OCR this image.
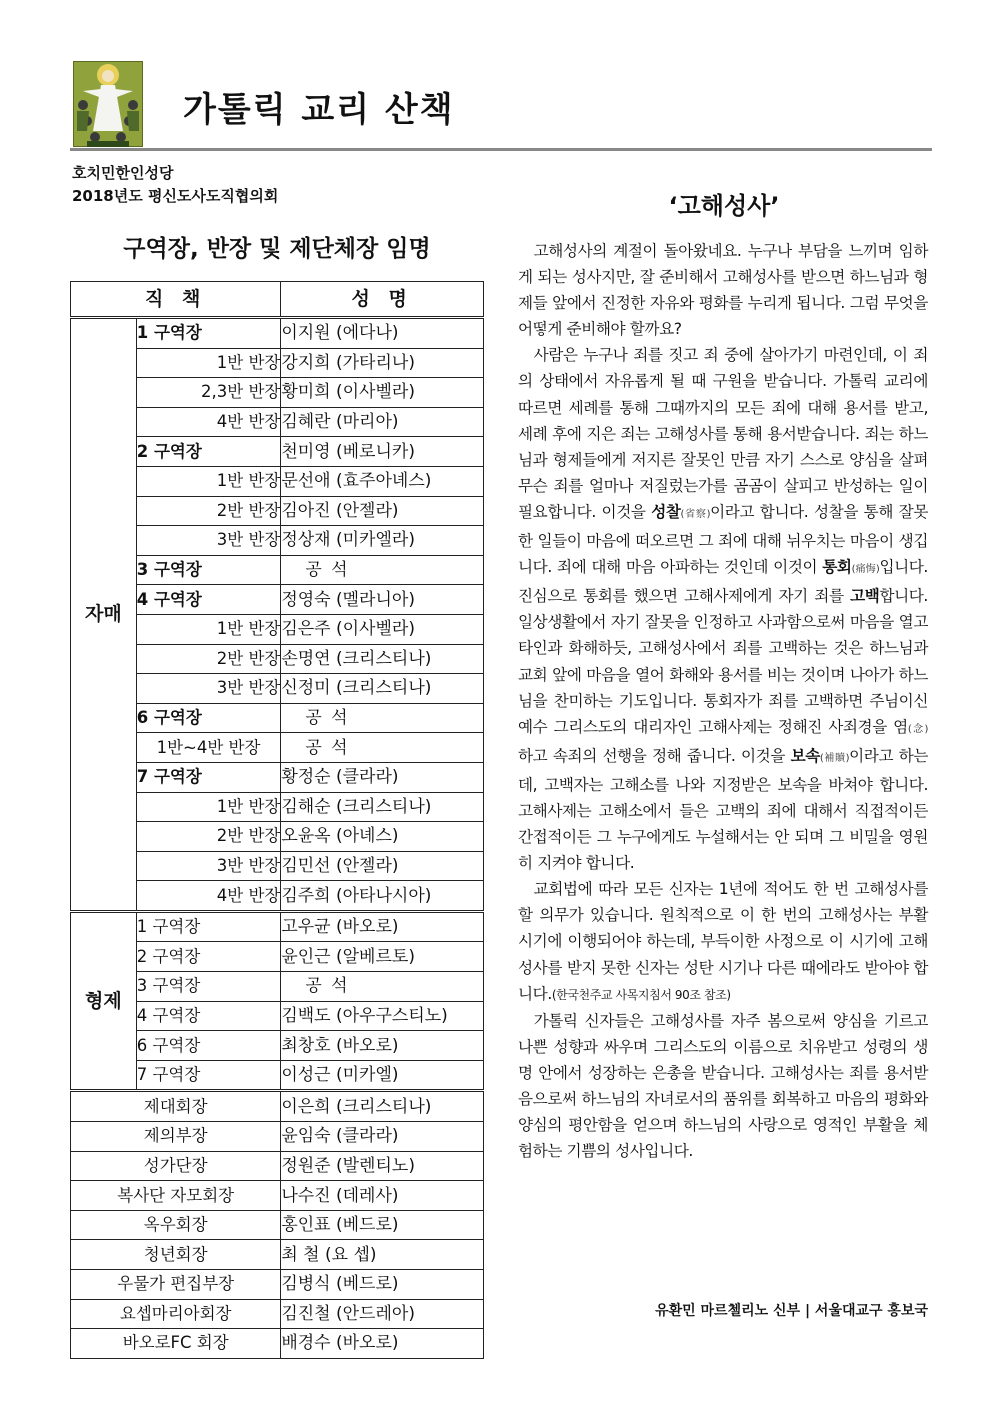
가톨릭 교리 산책
호치민한인성당
2018년도 평신도사도직협의회
구역장, 반장 및 제단체장 임명
직 책		성 명
자매	1 구역장	이지원 (에다나)
	1반 반장	강지희 (가타리나)
	2,3반 반장	황미희 (이사벨라)
	4반 반장	김혜란 (마리아)
	2 구역장	천미영 (베로니카)
	1반 반장	문선애 (효주아녜스)
	2반 반장	김아진 (안젤라)
	3반 반장	정상재 (미카엘라)
	3 구역장	공 석
	4 구역장	정영숙 (멜라니아)
	1반 반장	김은주 (이사벨라)
	2반 반장	손명연 (크리스티나)
	3반 반장	신정미 (크리스티나)
	6 구역장	공 석
	1반~4반 반장	공 석
	7 구역장	황정순 (클라라)
	1반 반장	김해순 (크리스티나)
	2반 반장	오윤옥 (아녜스)
	3반 반장	김민선 (안젤라)
	4반 반장	김주희 (아타나시아)
형제	1 구역장	고우균 (바오로)
	2 구역장	윤인근 (알베르토)
	3 구역장	공 석
	4 구역장	김백도 (아우구스티노)
	6 구역장	최창호 (바오로)
	7 구역장	이성근 (미카엘)
제대회장		이은희 (크리스티나)
제의부장		윤임숙 (클라라)
성가단장		정원준 (발렌티노)
복사단 자모회장		나수진 (데레사)
옥우회장		홍인표 (베드로)
청년회장		최 철 (요 셉)
우물가 편집부장		김병식 (베드로)
요셉마리아회장		김진철 (안드레아)
바오로FC 회장		배경수 (바오로)
‘고해성사’

고해성사의 계절이 돌아왔네요. 누구나 부담을 느끼며 임하게 되는 성사지만, 잘 준비해서 고해성사를 받으면 하느님과 형제들 앞에서 진정한 자유와 평화를 누리게 됩니다. 그럼 무엇을 어떻게 준비해야 할까요?

사람은 누구나 죄를 짓고 죄 중에 살아가기 마련인데, 이 죄의 상태에서 자유롭게 될 때 구원을 받습니다. 가톨릭 교리에 따르면 세례를 통해 그때까지의 모든 죄에 대해 용서를 받고, 세례 후에 지은 죄는 고해성사를 통해 용서받습니다. 죄는 하느님과 형제들에게 저지른 잘못인 만큼 자기 스스로 양심을 살펴 무슨 죄를 얼마나 저질렀는가를 곰곰이 살피고 반성하는 일이 필요합니다. 이것을 성찰(省察)이라고 합니다. 성찰을 통해 잘못한 일들이 마음에 떠오르면 그 죄에 대해 뉘우치는 마음이 생깁니다. 죄에 대해 마음 아파하는 것인데 이것이 통회(痛悔)입니다. 진심으로 통회를 했으면 고해사제에게 자기 죄를 고백합니다. 일상생활에서 자기 잘못을 인정하고 사과함으로써 마음을 열고 타인과 화해하듯, 고해성사에서 죄를 고백하는 것은 하느님과 교회 앞에 마음을 열어 화해와 용서를 비는 것이며 나아가 하느님을 찬미하는 기도입니다. 통회자가 죄를 고백하면 주님이신 예수 그리스도의 대리자인 고해사제는 정해진 사죄경을 염(念)하고 속죄의 선행을 정해 줍니다. 이것을 보속(補贖)이라고 하는데, 고백자는 고해소를 나와 지정받은 보속을 바쳐야 합니다. 고해사제는 고해소에서 들은 고백의 죄에 대해서 직접적이든 간접적이든 그 누구에게도 누설해서는 안 되며 그 비밀을 영원히 지켜야 합니다.

교회법에 따라 모든 신자는 1년에 적어도 한 번 고해성사를 할 의무가 있습니다. 원칙적으로 이 한 번의 고해성사는 부활 시기에 이행되어야 하는데, 부득이한 사정으로 이 시기에 고해성사를 받지 못한 신자는 성탄 시기나 다른 때에라도 받아야 합니다.(한국천주교 사목지침서 90조 참조)

가톨릭 신자들은 고해성사를 자주 봄으로써 양심을 기르고 나쁜 성향과 싸우며 그리스도의 이름으로 치유받고 성령의 생명 안에서 성장하는 은총을 받습니다. 고해성사는 죄를 용서받음으로써 하느님의 자녀로서의 품위를 회복하고 마음의 평화와 양심의 평안함을 얻으며 하느님의 사랑으로 영적인 부활을 체험하는 기쁨의 성사입니다.

유환민 마르첼리노 신부 | 서울대교구 홍보국
